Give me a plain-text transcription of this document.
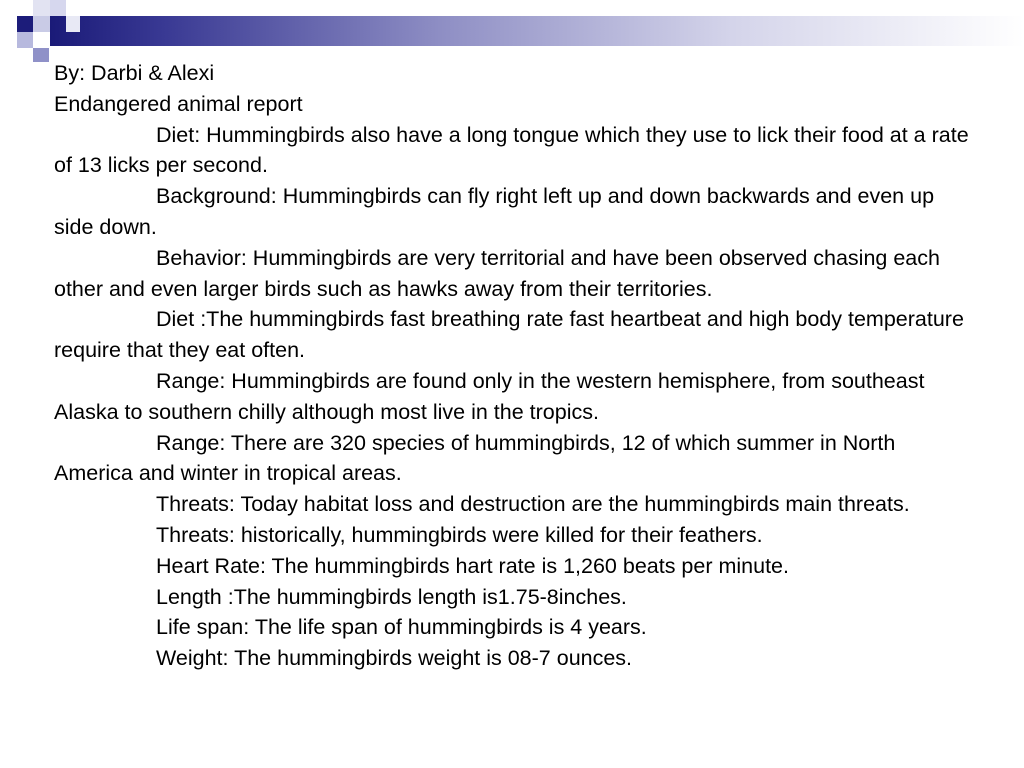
By: Darbi & Alexi

Endangered animal report

Diet: Hummingbirds also have a long tongue which they use to lick their food at a rate of 13 licks per second.

Background: Hummingbirds can fly right left up and down backwards and even up side down.

Behavior: Hummingbirds are very territorial and have been observed chasing each other and even larger birds such as hawks away from their territories.

Diet :The hummingbirds fast breathing rate fast heartbeat and high body temperature require that they eat often.

Range: Hummingbirds are found only in the western hemisphere, from southeast Alaska to southern chilly although most live in the tropics.

Range: There are 320 species of hummingbirds, 12 of which summer in North America and winter in tropical areas.

Threats: Today habitat loss and destruction are the hummingbirds main threats.

Threats: historically, hummingbirds were killed for their feathers.

Heart Rate: The hummingbirds hart rate is 1,260 beats per minute.

Length :The hummingbirds length is1.75-8inches.

Life span: The life span of hummingbirds is 4 years.

Weight: The hummingbirds weight is 08-7 ounces.
